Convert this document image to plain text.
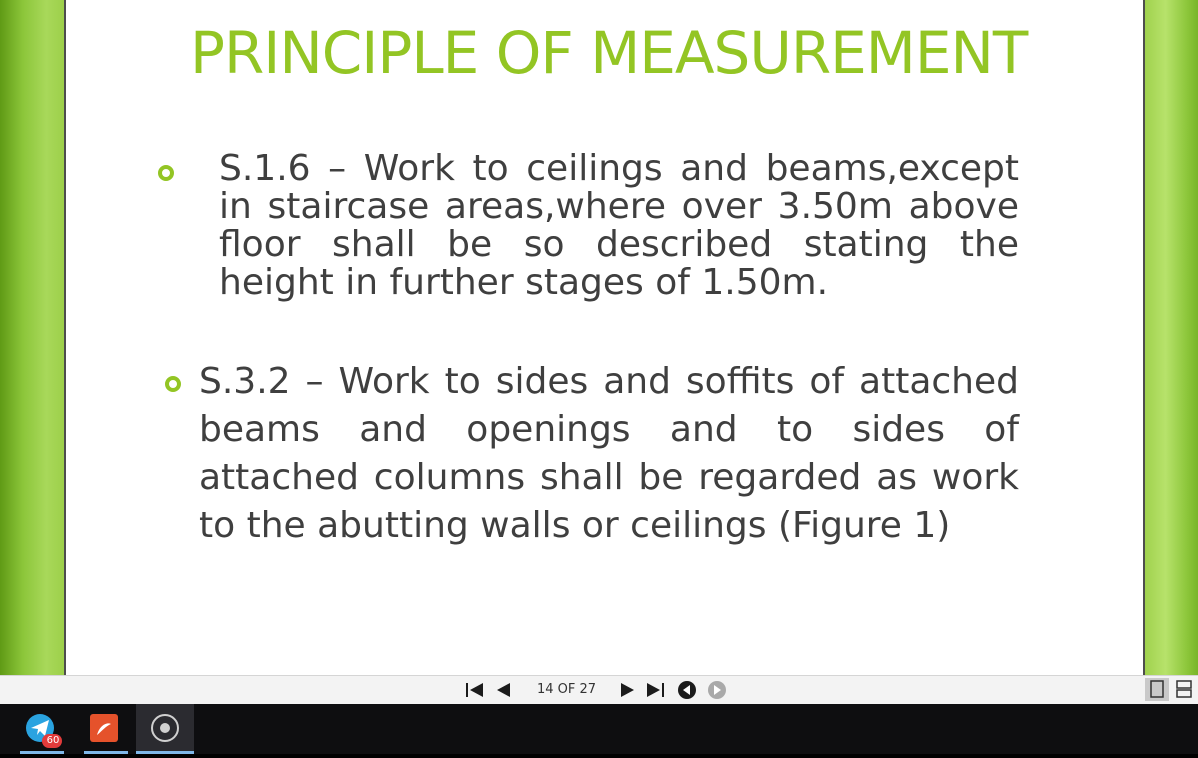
PRINCIPLE OF MEASUREMENT
S.1.6 – Work to ceilings and beams,except in staircase areas,where over 3.50m above floor shall be so described stating the height in further stages of 1.50m.
S.3.2 – Work to sides and soffits of attached beams and openings and to sides of attached columns shall be regarded as work to the abutting walls or ceilings (Figure 1)
14 OF 27
60
